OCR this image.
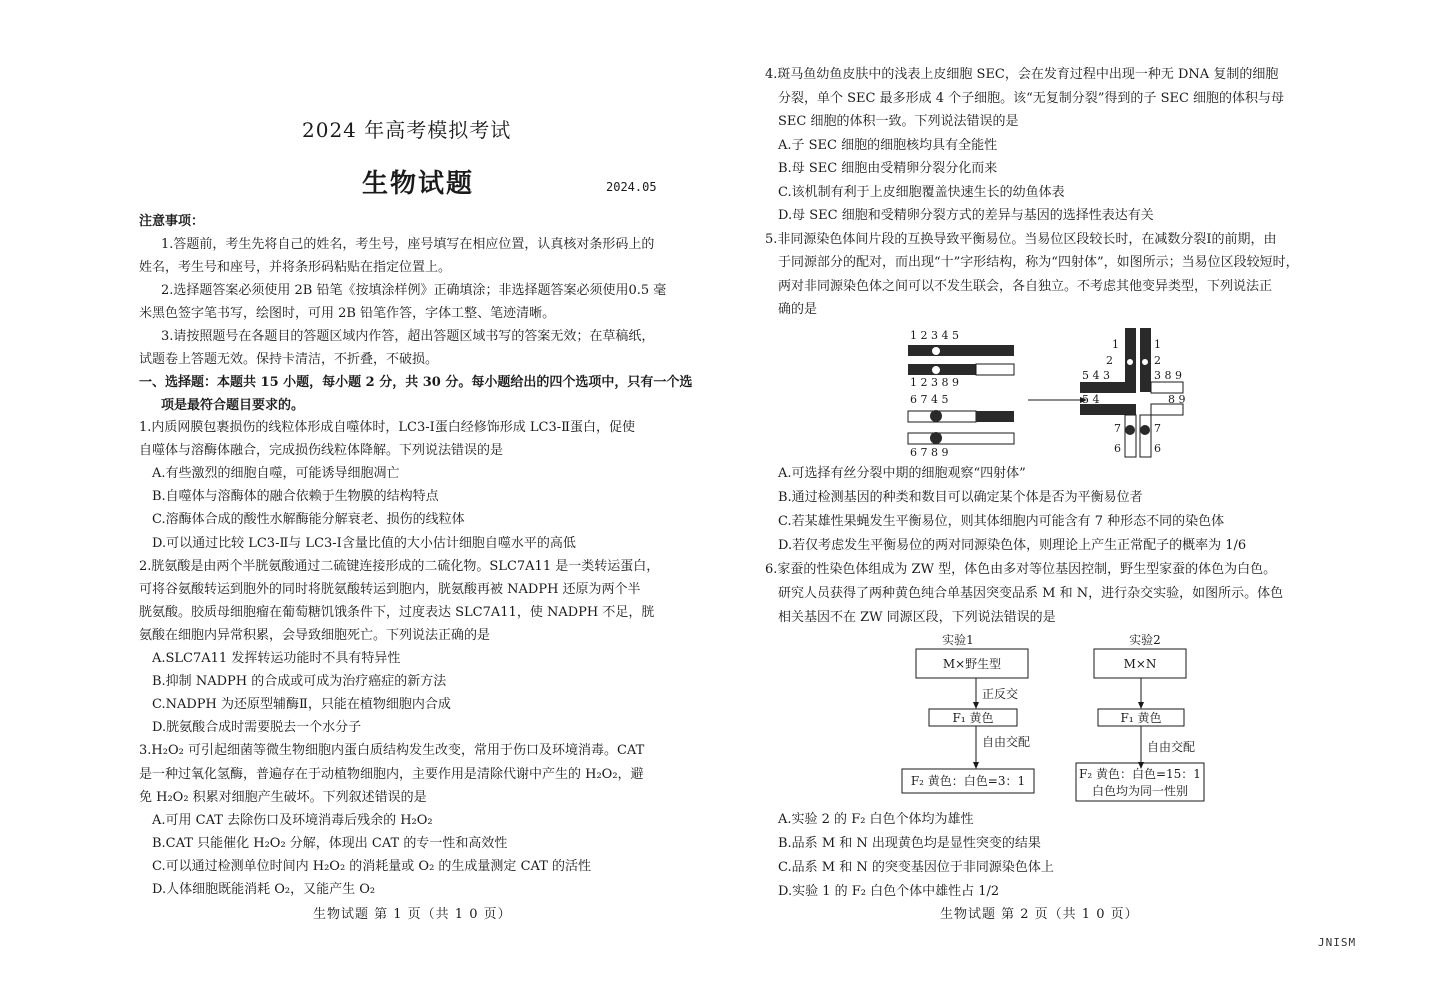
2024 年高考模拟考试
生物试题	2024.05
注意事项：
1.答题前，考生先将自己的姓名，考生号，座号填写在相应位置，认真核对条形码上的
姓名，考生号和座号，并将条形码粘贴在指定位置上。
2.选择题答案必须使用 2B 铅笔《按填涂样例》正确填涂；非选择题答案必须使用0.5 毫
米黑色签字笔书写，绘图时，可用 2B 铅笔作答，字体工整、笔迹清晰。
3.请按照题号在各题目的答题区域内作答，超出答题区域书写的答案无效；在草稿纸，
试题卷上答题无效。保持卡清洁，不折叠，不破损。
一、选择题：本题共 15 小题，每小题 2 分，共 30 分。每小题给出的四个选项中，只有一个选
项是最符合题目要求的。
1.内质网膜包裹损伤的线粒体形成自噬体时，LC3-Ⅰ蛋白经修饰形成 LC3-Ⅱ蛋白，促使
自噬体与溶酶体融合，完成损伤线粒体降解。下列说法错误的是
A.有些激烈的细胞自噬，可能诱导细胞凋亡
B.自噬体与溶酶体的融合依赖于生物膜的结构特点
C.溶酶体合成的酸性水解酶能分解衰老、损伤的线粒体
D.可以通过比较 LC3-Ⅱ与 LC3-Ⅰ含量比值的大小估计细胞自噬水平的高低
2.胱氨酸是由两个半胱氨酸通过二硫键连接形成的二硫化物。SLC7A11 是一类转运蛋白，
可将谷氨酸转运到胞外的同时将胱氨酸转运到胞内，胱氨酸再被 NADPH 还原为两个半
胱氨酸。胶质母细胞瘤在葡萄糖饥饿条件下，过度表达 SLC7A11，使 NADPH 不足，胱
氨酸在细胞内异常积累，会导致细胞死亡。下列说法正确的是
A.SLC7A11 发挥转运功能时不具有特异性
B.抑制 NADPH 的合成或可成为治疗癌症的新方法
C.NADPH 为还原型辅酶Ⅱ，只能在植物细胞内合成
D.胱氨酸合成时需要脱去一个水分子
3.H₂O₂ 可引起细菌等微生物细胞内蛋白质结构发生改变，常用于伤口及环境消毒。CAT
是一种过氧化氢酶，普遍存在于动植物细胞内，主要作用是清除代谢中产生的 H₂O₂，避
免 H₂O₂ 积累对细胞产生破坏。下列叙述错误的是
A.可用 CAT 去除伤口及环境消毒后残余的 H₂O₂
B.CAT 只能催化 H₂O₂ 分解，体现出 CAT 的专一性和高效性
C.可以通过检测单位时间内 H₂O₂ 的消耗量或 O₂ 的生成量测定 CAT 的活性
D.人体细胞既能消耗 O₂，又能产生 O₂
生物试题 第 1 页（共 1 0 页）
4.斑马鱼幼鱼皮肤中的浅表上皮细胞 SEC，会在发育过程中出现一种无 DNA 复制的细胞
分裂，单个 SEC 最多形成 4 个子细胞。该“无复制分裂”得到的子 SEC 细胞的体积与母
SEC 细胞的体积一致。下列说法错误的是
A.子 SEC 细胞的细胞核均具有全能性
B.母 SEC 细胞由受精卵分裂分化而来
C.该机制有利于上皮细胞覆盖快速生长的幼鱼体表
D.母 SEC 细胞和受精卵分裂方式的差异与基因的选择性表达有关
5.非同源染色体间片段的互换导致平衡易位。当易位区段较长时，在减数分裂Ⅰ的前期，由
于同源部分的配对，而出现“十”字形结构，称为“四射体”，如图所示；当易位区段较短时，
两对非同源染色体之间可以不发生联会，各自独立。不考虑其他变异类型，下列说法正
确的是
1 2 3 4 5
1 2 3 8 9
6 7 4 5
6 7 8 9
1
2
5 4 3	3 8 9
5 4	8 9
7	7
6	6
1
2
A.可选择有丝分裂中期的细胞观察“四射体”
B.通过检测基因的种类和数目可以确定某个体是否为平衡易位者
C.若某雄性果蝇发生平衡易位，则其体细胞内可能含有 7 种形态不同的染色体
D.若仅考虑发生平衡易位的两对同源染色体，则理论上产生正常配子的概率为 1/6
6.家蚕的性染色体组成为 ZW 型，体色由多对等位基因控制，野生型家蚕的体色为白色。
研究人员获得了两种黄色纯合单基因突变品系 M 和 N，进行杂交实验，如图所示。体色
相关基因不在 ZW 同源区段，下列说法错误的是
实验1
M×野生型
正反交
F₁ 黄色
自由交配
F₂ 黄色：白色=3：1
实验2
M×N
F₁ 黄色
自由交配
F₂ 黄色：白色=15：1
白色均为同一性别
A.实验 2 的 F₂ 白色个体均为雄性
B.品系 M 和 N 出现黄色均是显性突变的结果
C.品系 M 和 N 的突变基因位于非同源染色体上
D.实验 1 的 F₂ 白色个体中雄性占 1/2
生物试题 第 2 页（共 1 0 页）
JNISM
